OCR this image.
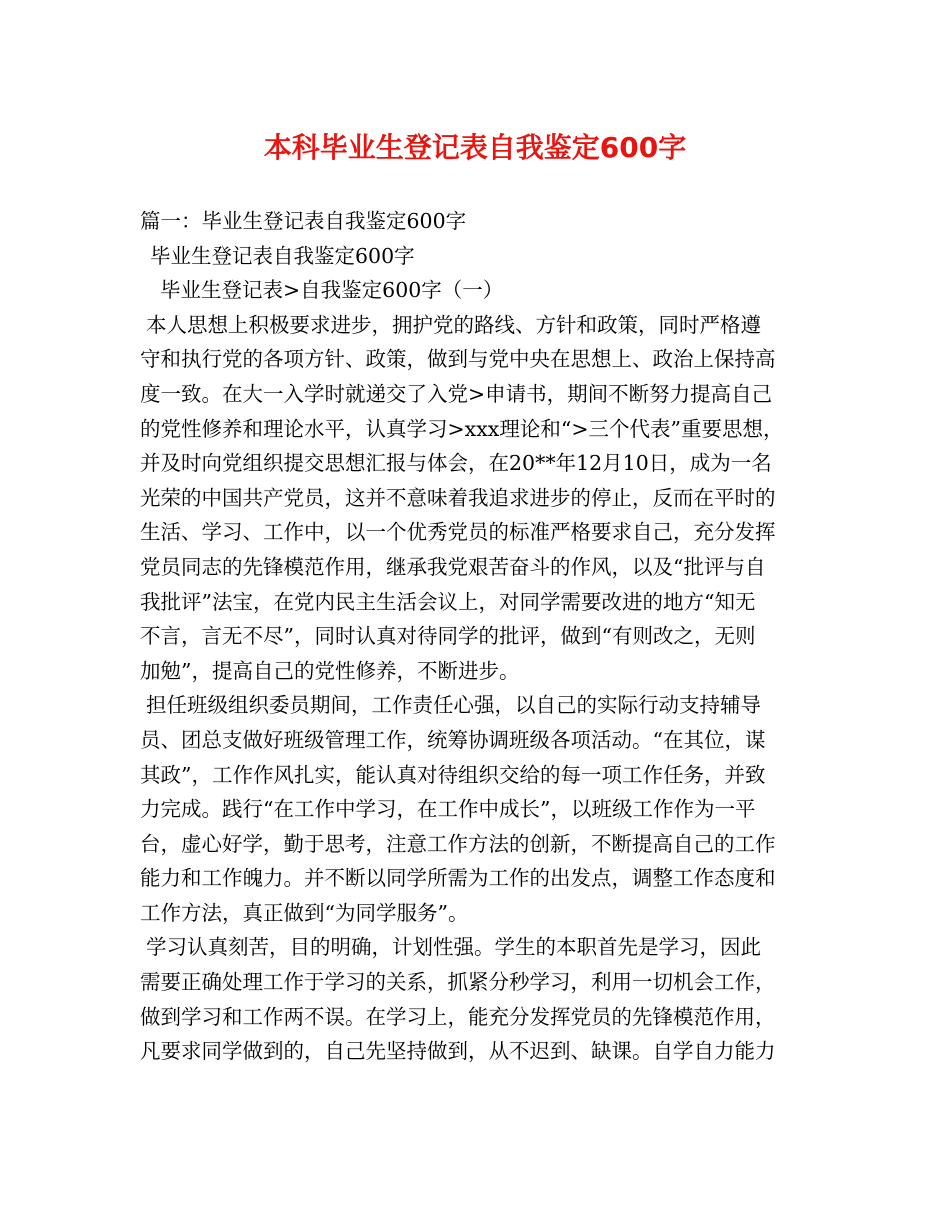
本科毕业生登记表自我鉴定600字

篇一：毕业生登记表自我鉴定600字

毕业生登记表自我鉴定600字

毕业生登记表>自我鉴定600字（一）

本人思想上积极要求进步，拥护党的路线、方针和政策，同时严格遵

守和执行党的各项方针、政策，做到与党中央在思想上、政治上保持高

度一致。在大一入学时就递交了入党>申请书，期间不断努力提高自己

的党性修养和理论水平，认真学习>xxx理论和“>三个代表”重要思想，

并及时向党组织提交思想汇报与体会，在20**年12月10日，成为一名

光荣的中国共产党员，这并不意味着我追求进步的停止，反而在平时的

生活、学习、工作中，以一个优秀党员的标准严格要求自己，充分发挥

党员同志的先锋模范作用，继承我党艰苦奋斗的作风，以及“批评与自

我批评”法宝，在党内民主生活会议上，对同学需要改进的地方“知无

不言，言无不尽”，同时认真对待同学的批评，做到“有则改之，无则

加勉”，提高自己的党性修养，不断进步。

担任班级组织委员期间，工作责任心强，以自己的实际行动支持辅导

员、团总支做好班级管理工作，统筹协调班级各项活动。“在其位，谋

其政”，工作作风扎实，能认真对待组织交给的每一项工作任务，并致

力完成。践行“在工作中学习，在工作中成长”，以班级工作作为一平

台，虚心好学，勤于思考，注意工作方法的创新，不断提高自己的工作

能力和工作魄力。并不断以同学所需为工作的出发点，调整工作态度和

工作方法，真正做到“为同学服务”。

学习认真刻苦，目的明确，计划性强。学生的本职首先是学习，因此

需要正确处理工作于学习的关系，抓紧分秒学习，利用一切机会工作，

做到学习和工作两不误。在学习上，能充分发挥党员的先锋模范作用，

凡要求同学做到的，自己先坚持做到，从不迟到、缺课。自学自力能力
